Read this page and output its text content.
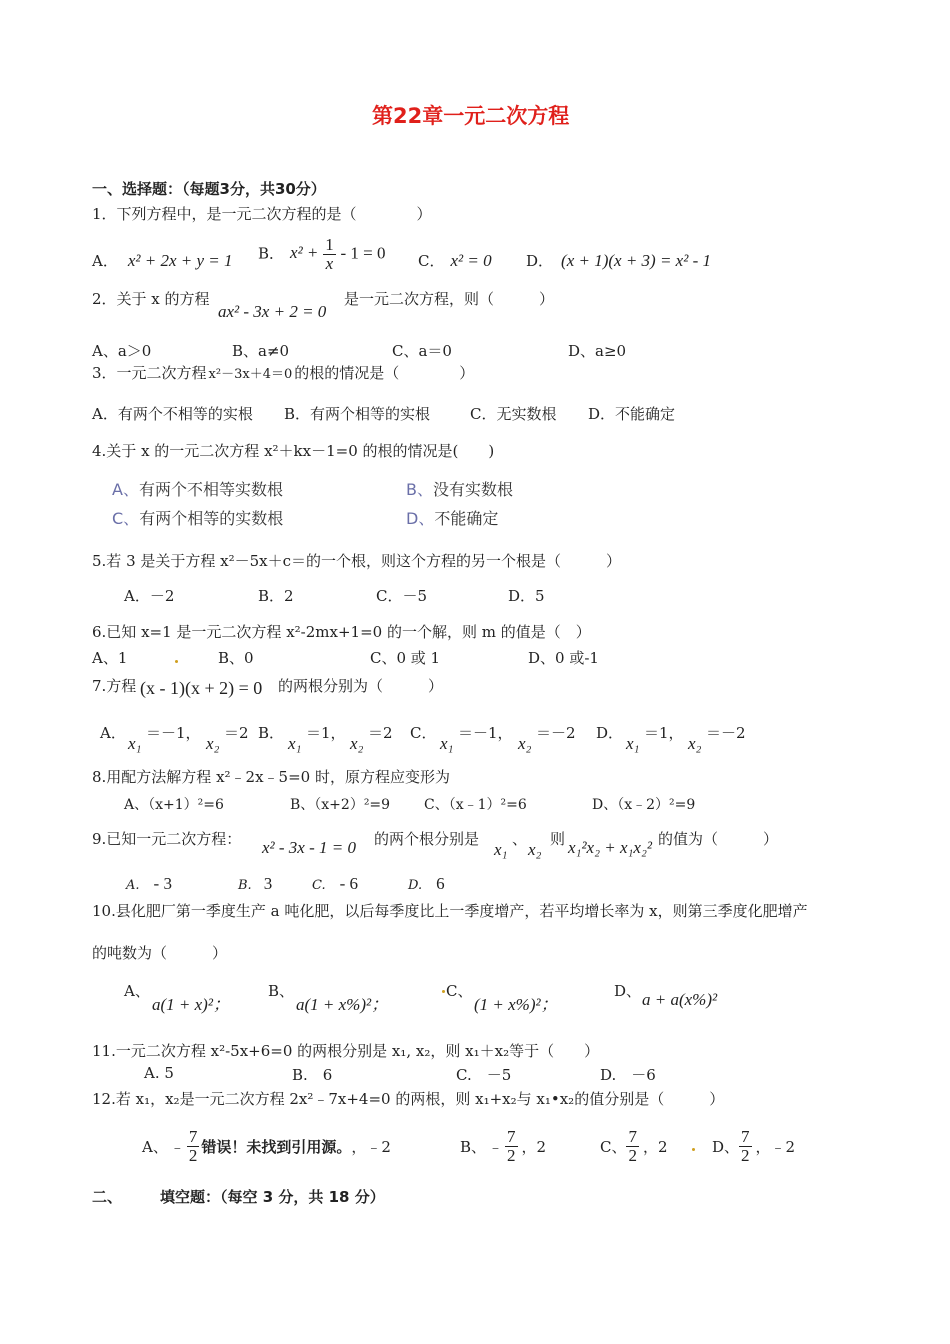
第22章一元二次方程
一、选择题：（每题3分，共30分）
1．下列方程中，是一元二次方程的是（　　　　）
A． x² + 2x + y = 1 B． $x^2 + \frac{1}{x} - 1 = 0$ C． x² = 0 D． (x + 1)(x + 3) = x² - 1
2．关于 x 的方程
ax² - 3x + 2 = 0
是一元二次方程，则（　　　）
A、a＞0	B、a≠0	C、a＝0	D、a≥0
3．一元二次方程 x²－3x＋4＝0 的根的情况是（　　　　）
A．有两个不相等的实根 B．有两个相等的实根	C．无实数根 D．不能确定
4.关于 x 的一元二次方程 x²＋kx－1=0 的根的情况是(　　)
A、有两个不相等实数根	B、没有实数根
C、有两个相等的实数根	D、不能确定
5.若 3 是关于方程 x²－5x＋c＝的一个根，则这个方程的另一个根是（　　　）
A．－2	B．2	C．－5	D．5
6.已知 x=1 是一元二次方程 x²-2mx+1=0 的一个解，则 m 的值是（　）
A、1	B、0	C、0 或 1	D、0 或-1
7.方程 (x - 1)(x + 2) = 0 的两根分别为（　　　）
A．
x₁
＝－1，
x₂
＝2 B．
x₁
＝1，
x₂
＝2 C．
x₁
＝－1，
x₂
＝－2 D．
x₁
＝1，
x₂
＝－2
8.用配方法解方程 x²﹣2x﹣5=0 时，原方程应变形为
A、（x+1）²=6	B、（x+2）²=9 C、（x﹣1）²=6	D、（x﹣2）²=9
9.已知一元二次方程： x² - 3x - 1 = 0 的两个根分别是
x₁
、
x₂
则 x₁²x₂ + x₁x₂² 的值为（　　　）
A. - 3	B. 3	C. - 6	D. 6
10.县化肥厂第一季度生产 a 吨化肥，以后每季度比上一季度增产，若平均增长率为 x，则第三季度化肥增产
的吨数为（　　　）
A、
a(1 + x)²；
B、
a(1 + x%)²；
C、
(1 + x%)²；
D、 a + a(x%)²
11.一元二次方程 x²-5x+6=0 的两根分别是 x₁, x₂，则 x₁＋x₂等于（　　）
A. 5	B.　6	C.　－5	D.　－6
12.若 x₁，x₂是一元二次方程 2x²﹣7x+4=0 的两根，则 x₁+x₂与 x₁•x₂的值分别是（　　　）
A、 ﹣ $\frac{7}{2}$ 错误！未找到引用源。 ，﹣2	B、 ﹣ $\frac{7}{2}$ ，2	C、 $\frac{7}{2}$ ，2	D、 $\frac{7}{2}$ ，﹣2
二、	填空题：（每空 3 分，共 18 分）
